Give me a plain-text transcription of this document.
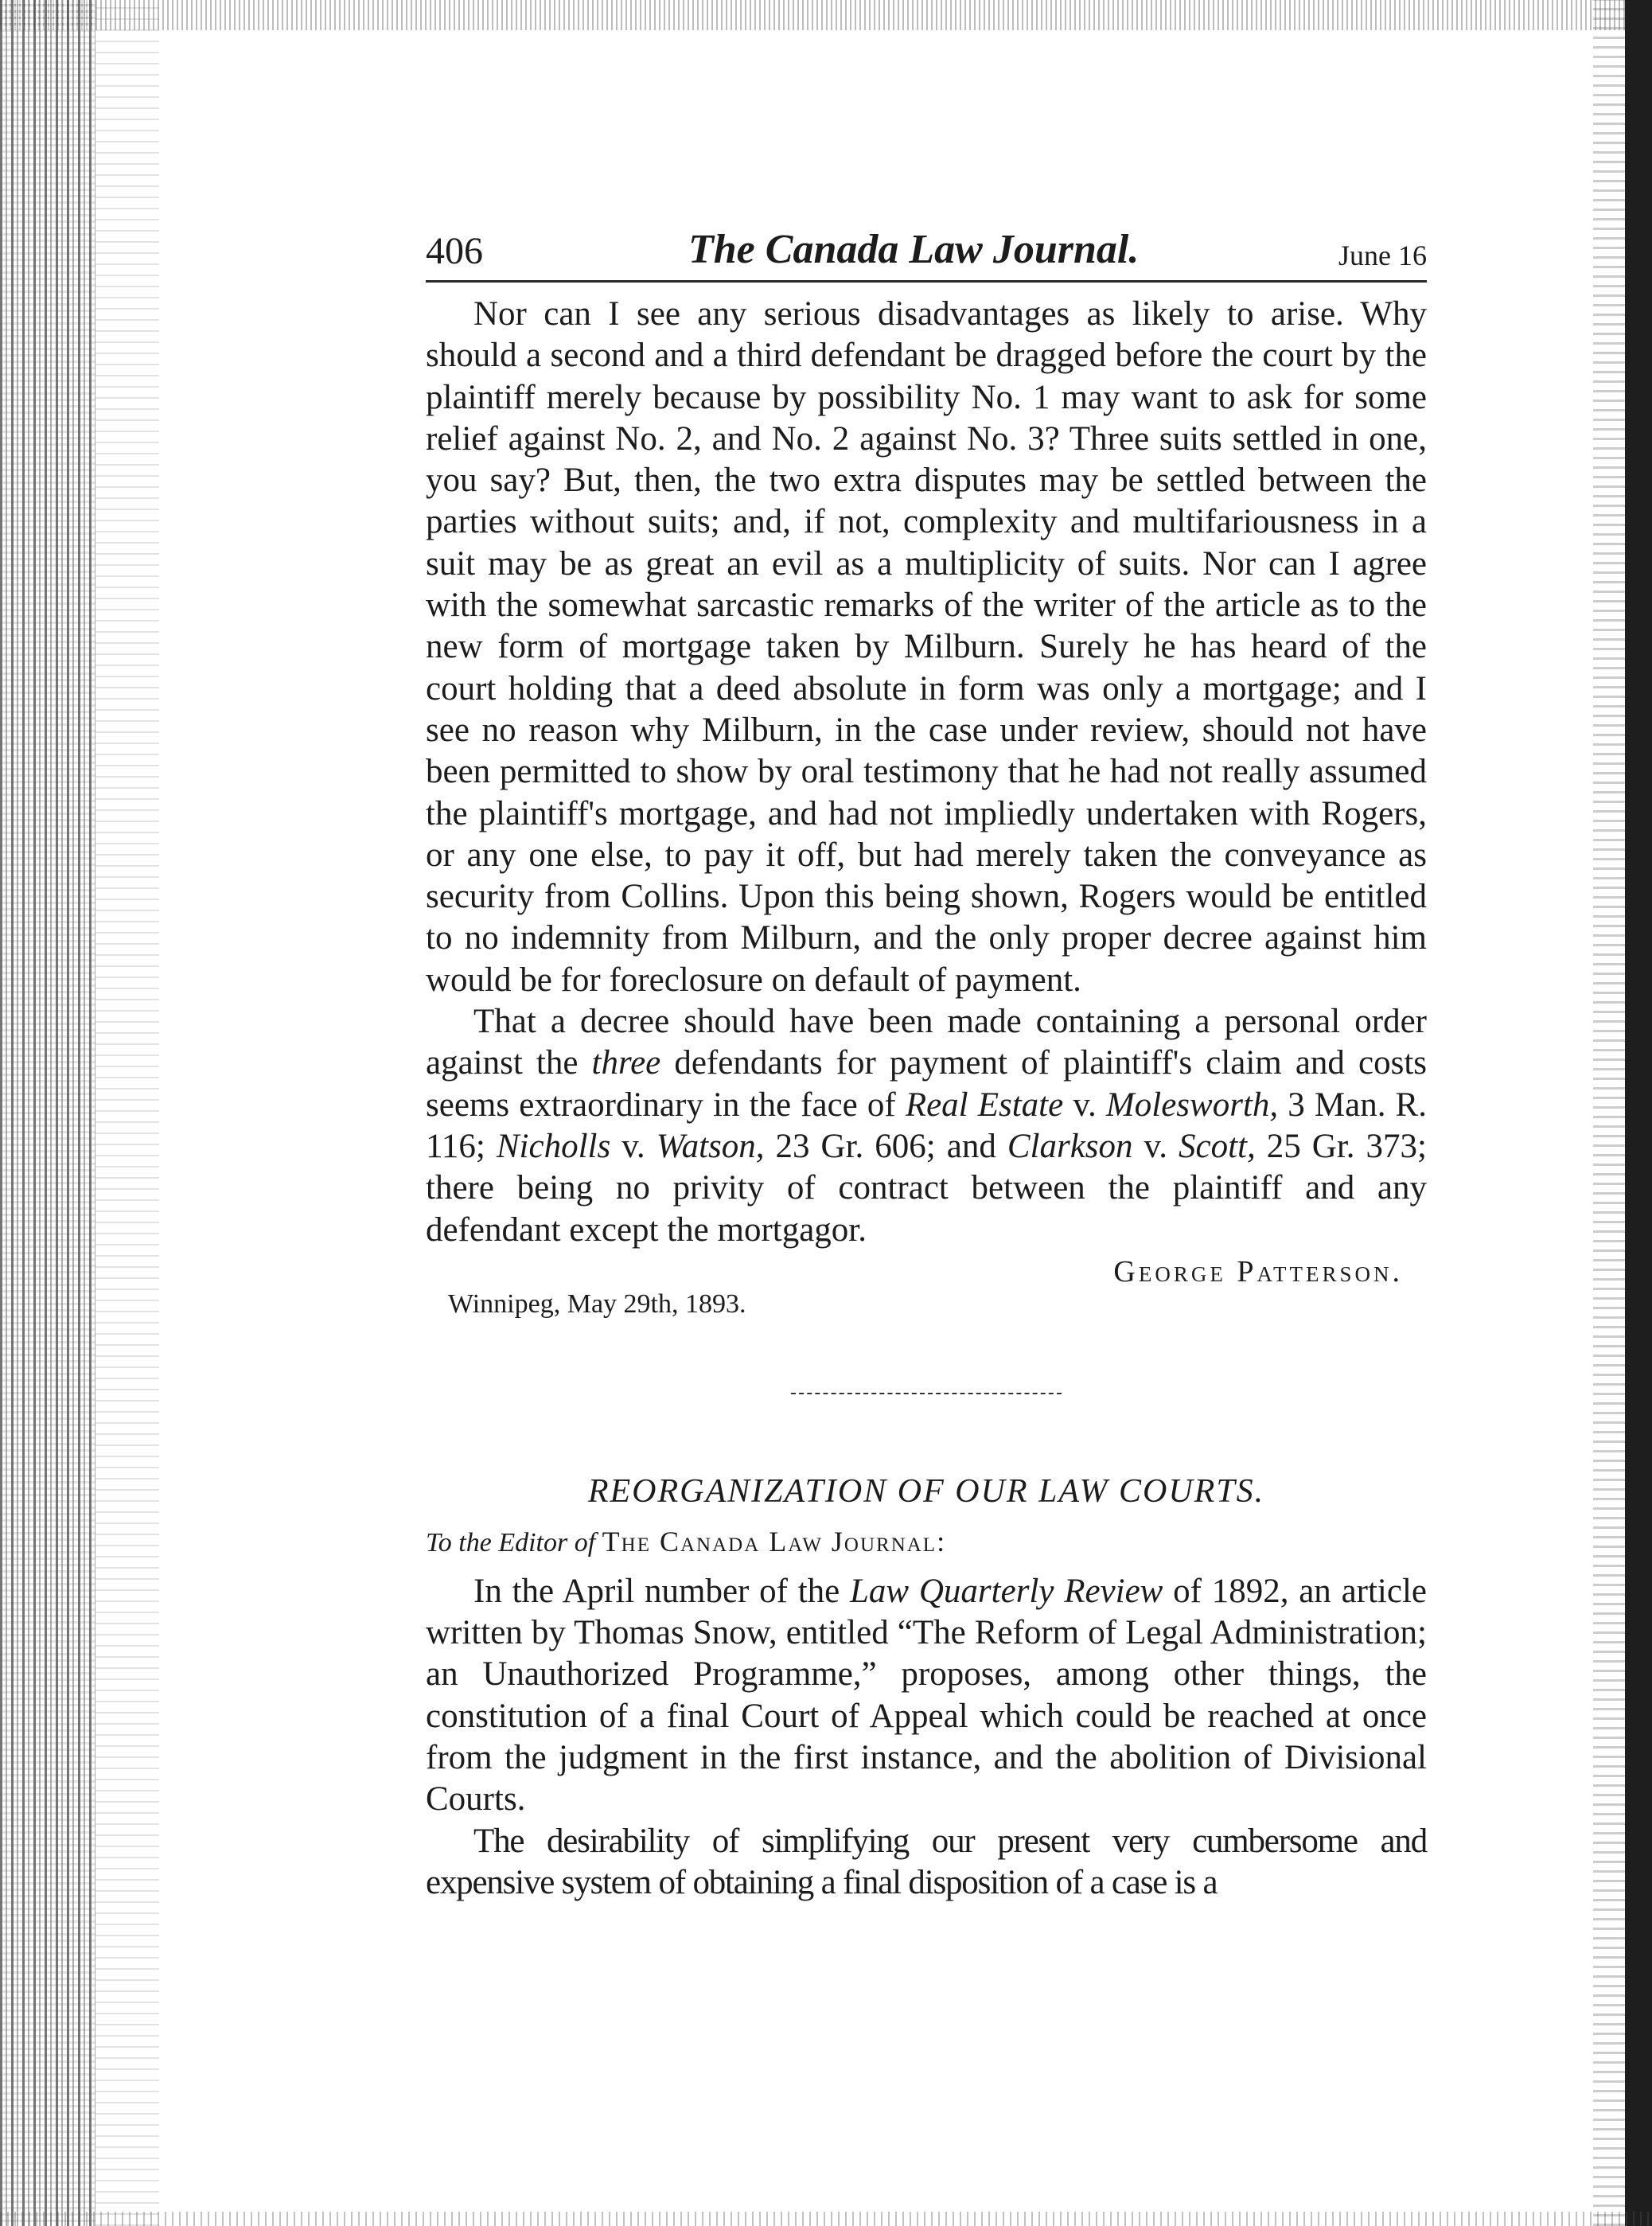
406	The Canada Law Journal.	June 16

Nor can I see any serious disadvantages as likely to arise. Why should a second and a third defendant be dragged before the court by the plaintiff merely because by possibility No. 1 may want to ask for some relief against No. 2, and No. 2 against No. 3? Three suits settled in one, you say? But, then, the two extra disputes may be settled between the parties without suits; and, if not, complexity and multifariousness in a suit may be as great an evil as a multiplicity of suits. Nor can I agree with the somewhat sarcastic remarks of the writer of the article as to the new form of mortgage taken by Milburn. Surely he has heard of the court holding that a deed absolute in form was only a mortgage; and I see no reason why Milburn, in the case under review, should not have been permitted to show by oral testimony that he had not really assumed the plaintiff's mortgage, and had not impliedly undertaken with Rogers, or any one else, to pay it off, but had merely taken the conveyance as security from Collins. Upon this being shown, Rogers would be entitled to no indemnity from Milburn, and the only proper decree against him would be for foreclosure on default of payment.

That a decree should have been made containing a personal order against the three defendants for payment of plaintiff's claim and costs seems extraordinary in the face of Real Estate v. Molesworth, 3 Man. R. 116; Nicholls v. Watson, 23 Gr. 606; and Clarkson v. Scott, 25 Gr. 373; there being no privity of contract between the plaintiff and any defendant except the mortgagor.

George Patterson.
Winnipeg, May 29th, 1893.
REORGANIZATION OF OUR LAW COURTS.
To the Editor of The Canada Law Journal:

In the April number of the Law Quarterly Review of 1892, an article written by Thomas Snow, entitled “The Reform of Legal Administration; an Unauthorized Programme,” proposes, among other things, the constitution of a final Court of Appeal which could be reached at once from the judgment in the first instance, and the abolition of Divisional Courts.

The desirability of simplifying our present very cumbersome and expensive system of obtaining a final disposition of a case is a
